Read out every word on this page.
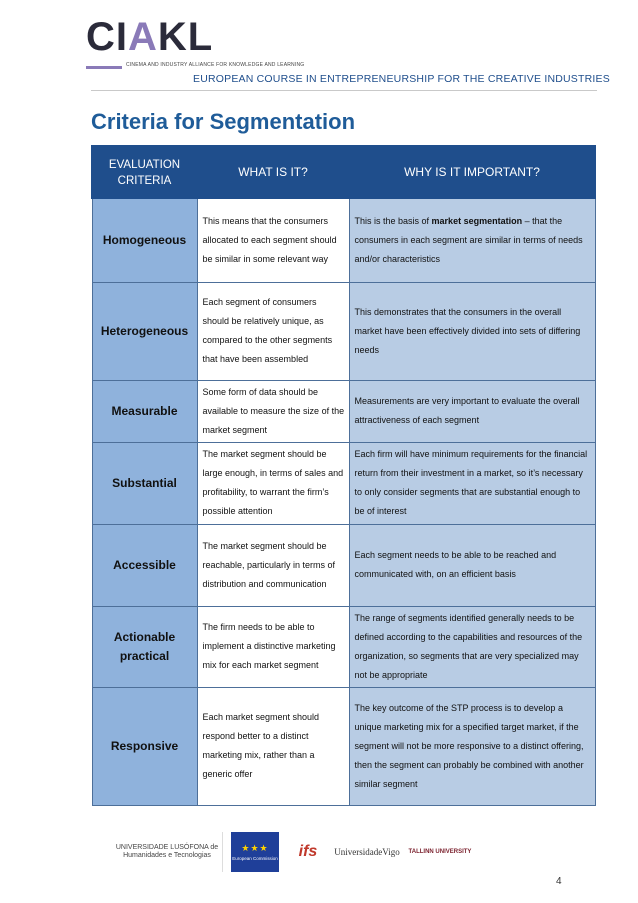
CIAKL
CINEMA AND INDUSTRY ALLIANCE FOR KNOWLEDGE AND LEARNING
EUROPEAN COURSE IN ENTREPRENEURSHIP FOR THE CREATIVE INDUSTRIES
Criteria for Segmentation
EVALUATION CRITERIA	WHAT IS IT?	WHY IS IT IMPORTANT?
Homogeneous	This means that the consumers allocated to each segment should be similar in some relevant way	This is the basis of market segmentation – that the consumers in each segment are similar in terms of needs and/or characteristics
Heterogeneous	Each segment of consumers should be relatively unique, as compared to the other segments that have been assembled	This demonstrates that the consumers in the overall market have been effectively divided into sets of differing needs
Measurable	Some form of data should be available to measure the size of the market segment	Measurements are very important to evaluate the overall attractiveness of each segment
Substantial	The market segment should be large enough, in terms of sales and profitability, to warrant the firm’s possible attention	Each firm will have minimum requirements for the financial return from their investment in a market, so it’s necessary to only consider segments that are substantial enough to be of interest
Accessible	The market segment should be reachable, particularly in terms of distribution and communication	Each segment needs to be able to be reached and communicated with, on an efficient basis
Actionable practical	The firm needs to be able to implement a distinctive marketing mix for each market segment	The range of segments identified generally needs to be defined according to the capabilities and resources of the organization, so segments that are very specialized may not be appropriate
Responsive	Each market segment should respond better to a distinct marketing mix, rather than a generic offer	The key outcome of the STP process is to develop a unique marketing mix for a specified target market, if the segment will not be more responsive to a distinct offering, then the segment can probably be combined with another similar segment
UNIVERSIDADE LUSÓFONA de Humanidades e Tecnologias
★★★
European Commission	ifs	UniversidadeVigo	TALLINN UNIVERSITY
4
